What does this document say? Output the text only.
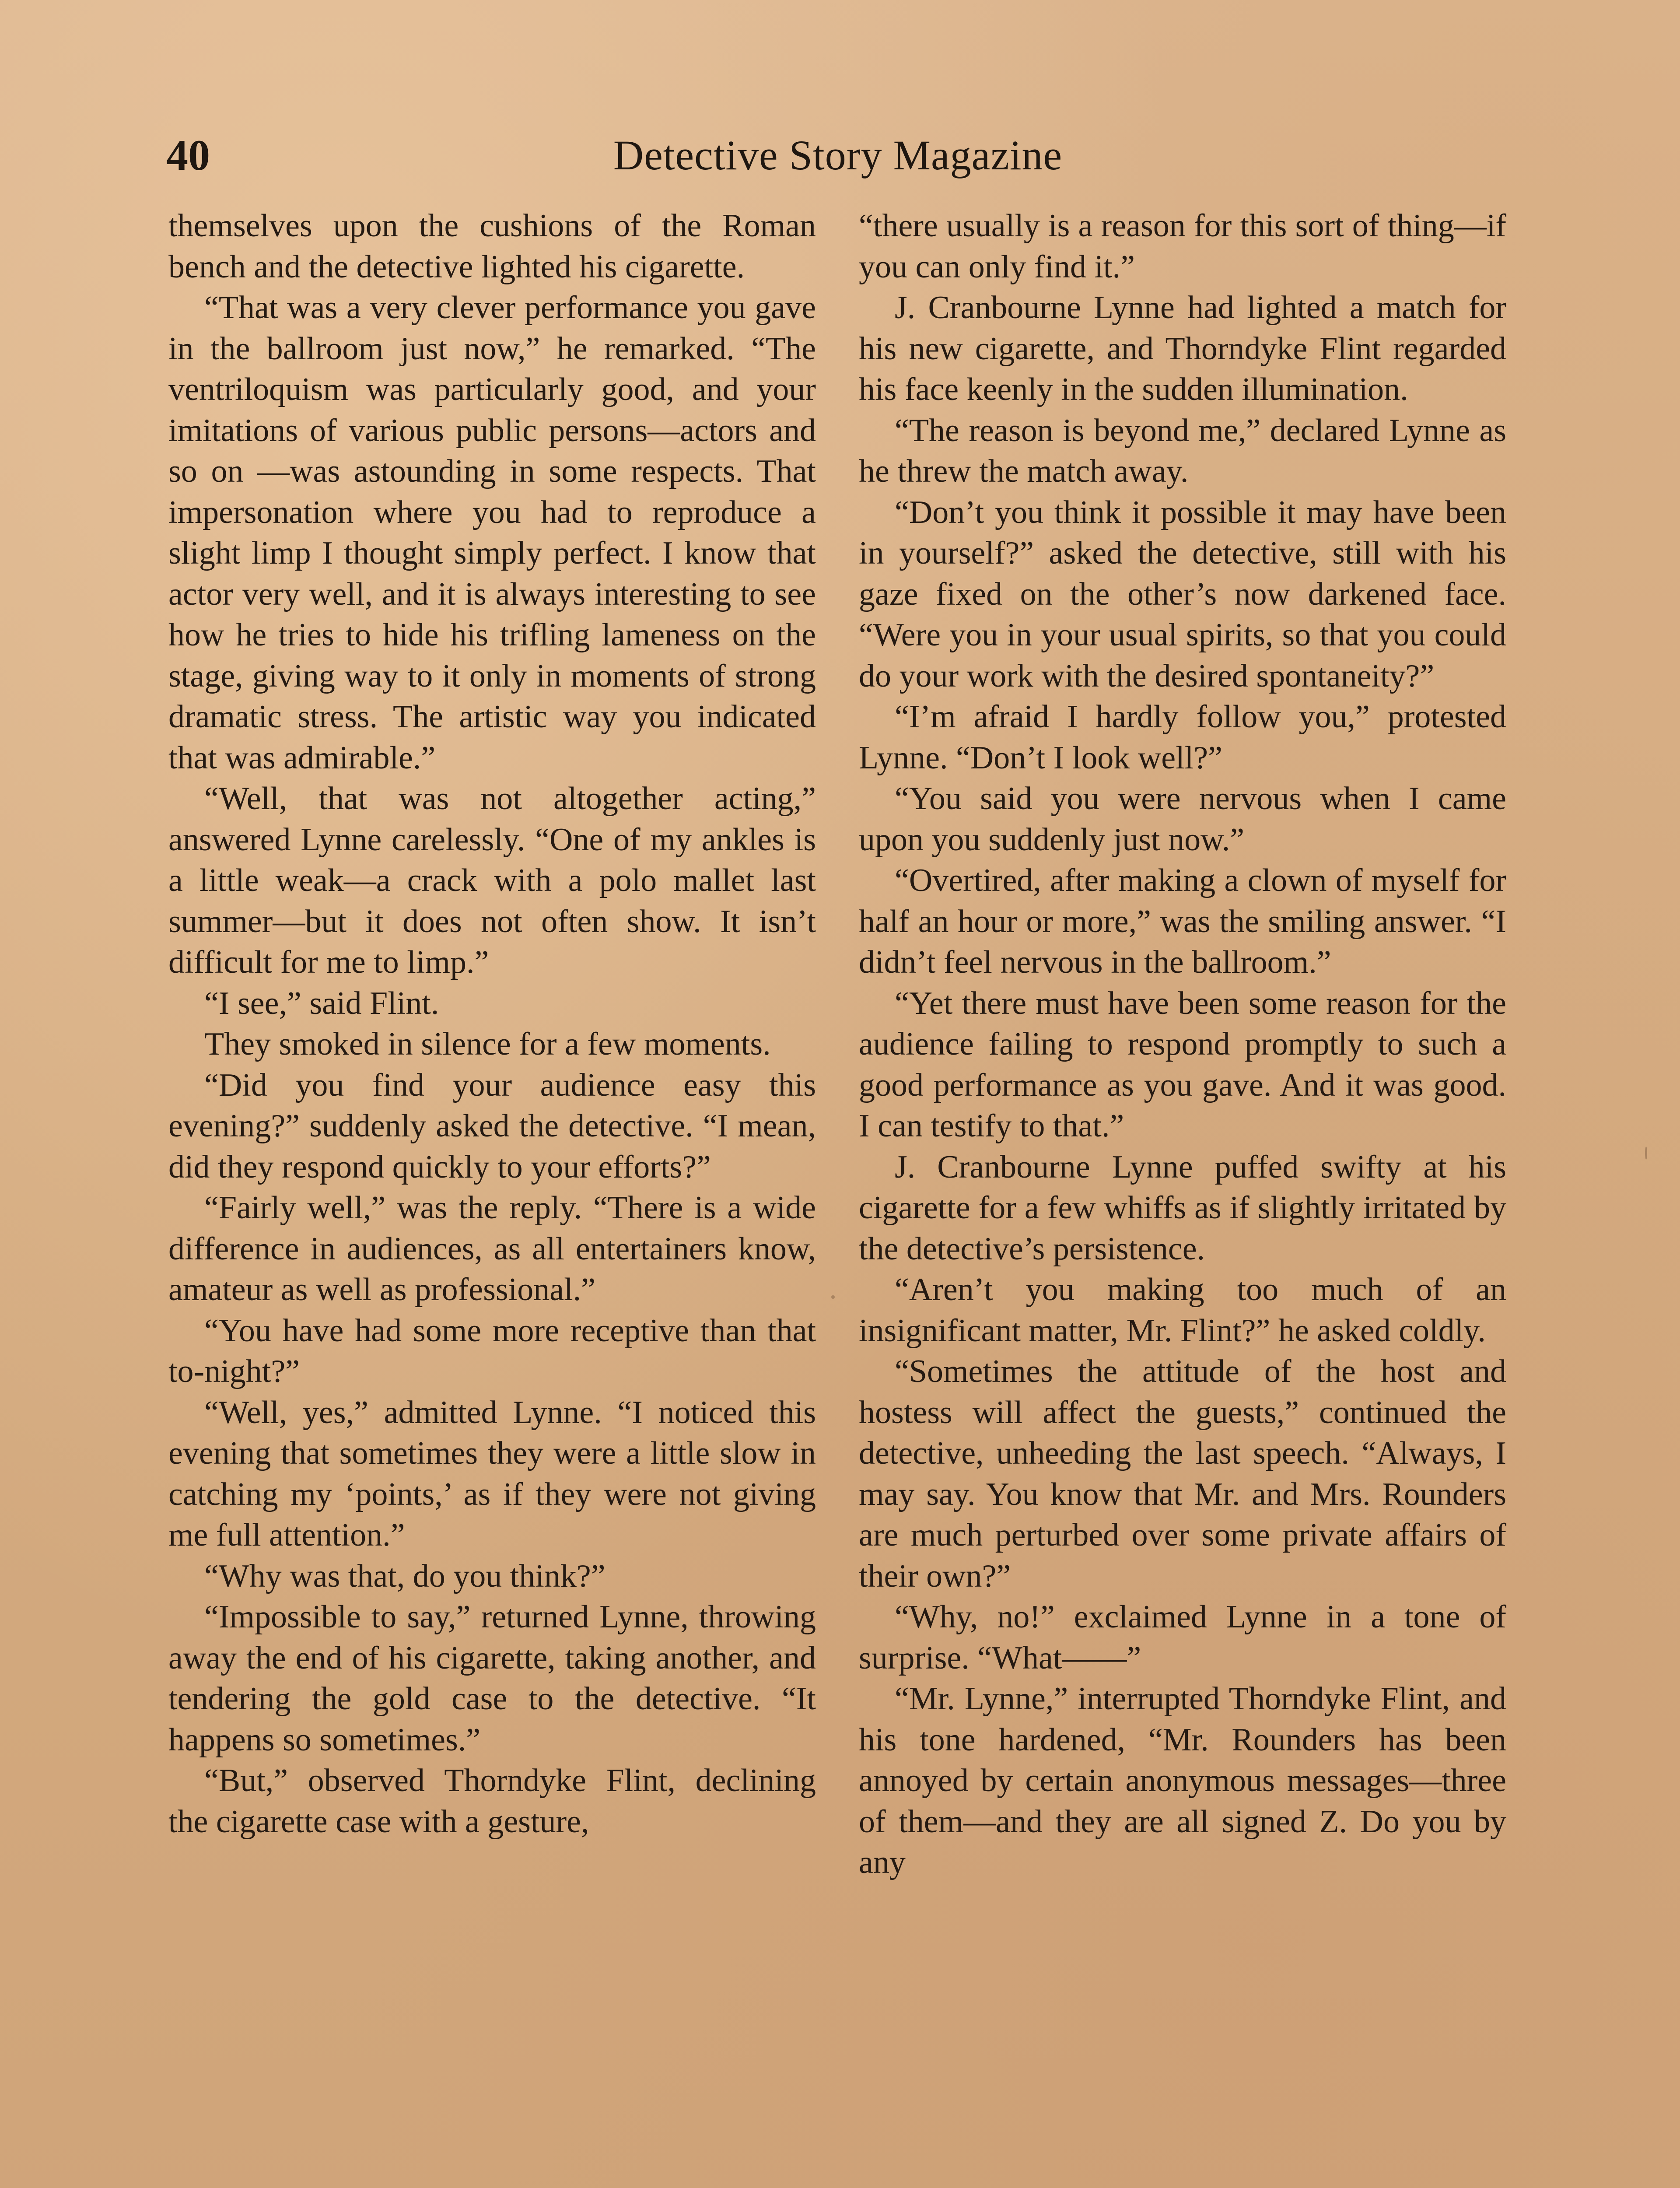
40	Detective Story Magazine

themselves upon the cushions of the Roman bench and the detective lighted his cigarette.

“That was a very clever performance you gave in the ballroom just now,” he remarked. “The ventriloquism was particularly good, and your imitations of various public persons—actors and so on —was astounding in some respects. That impersonation where you had to reproduce a slight limp I thought simply perfect. I know that actor very well, and it is always interesting to see how he tries to hide his trifling lameness on the stage, giving way to it only in moments of strong dramatic stress. The artistic way you indicated that was admirable.”

“Well, that was not altogether acting,” answered Lynne carelessly. “One of my ankles is a little weak—a crack with a polo mallet last summer—but it does not often show. It isn’t difficult for me to limp.”

“I see,” said Flint.

They smoked in silence for a few moments.

“Did you find your audience easy this evening?” suddenly asked the detective. “I mean, did they respond quickly to your efforts?”

“Fairly well,” was the reply. “There is a wide difference in audiences, as all entertainers know, amateur as well as professional.”

“You have had some more receptive than that to-night?”

“Well, yes,” admitted Lynne. “I noticed this evening that sometimes they were a little slow in catching my ‘points,’ as if they were not giving me full attention.”

“Why was that, do you think?”

“Impossible to say,” returned Lynne, throwing away the end of his cigarette, taking another, and tendering the gold case to the detective. “It happens so sometimes.”

“But,” observed Thorndyke Flint, declining the cigarette case with a gesture,

“there usually is a reason for this sort of thing—if you can only find it.”

J. Cranbourne Lynne had lighted a match for his new cigarette, and Thorndyke Flint regarded his face keenly in the sudden illumination.

“The reason is beyond me,” declared Lynne as he threw the match away.

“Don’t you think it possible it may have been in yourself?” asked the detective, still with his gaze fixed on the other’s now darkened face. “Were you in your usual spirits, so that you could do your work with the desired spontaneity?”

“I’m afraid I hardly follow you,” protested Lynne. “Don’t I look well?”

“You said you were nervous when I came upon you suddenly just now.”

“Overtired, after making a clown of myself for half an hour or more,” was the smiling answer. “I didn’t feel nervous in the ballroom.”

“Yet there must have been some reason for the audience failing to respond promptly to such a good performance as you gave. And it was good. I can testify to that.”

J. Cranbourne Lynne puffed swifty at his cigarette for a few whiffs as if slightly irritated by the detective’s persistence.

“Aren’t you making too much of an insignificant matter, Mr. Flint?” he asked coldly.

“Sometimes the attitude of the host and hostess will affect the guests,” continued the detective, unheeding the last speech. “Always, I may say. You know that Mr. and Mrs. Rounders are much perturbed over some private affairs of their own?”

“Why, no!” exclaimed Lynne in a tone of surprise. “What——”

“Mr. Lynne,” interrupted Thorndyke Flint, and his tone hardened, “Mr. Rounders has been annoyed by certain anonymous messages—three of them—and they are all signed Z. Do you by any
